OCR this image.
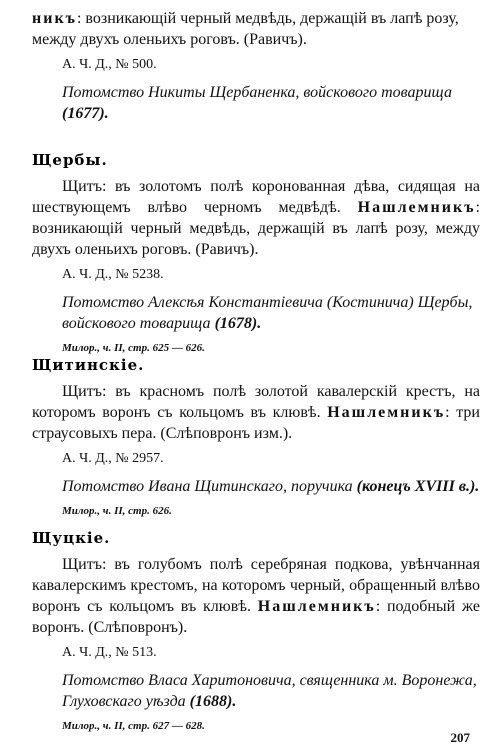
никъ: возникающій черный медвѣдь, держащій въ лапѣ розу,
между двухъ оленьихъ роговъ. (Равичъ).

А. Ч. Д., № 500.

Потомство Никиты Щербаненка, войскового товарища
(1677).

Щербы.

Щитъ: въ золотомъ полѣ коронованная дѣва, сидящая на шествующемъ влѣво черномъ медвѣдѣ. Нашлемникъ: возникающій черный медвѣдь, держащій въ лапѣ розу, между двухъ оленьихъ роговъ. (Равичъ).

А. Ч. Д., № 5238.

Потомство Алексѣя Константіевича (Костинича) Щербы, войскового товарища (1678).

Милор., ч. II, стр. 625 — 626.

Щитинскіе.

Щитъ: въ красномъ полѣ золотой кавалерскій крестъ, на которомъ воронъ съ кольцомъ въ клювѣ. Нашлемникъ: три страусовыхъ пера. (Слѣповронъ изм.).

А. Ч. Д., № 2957.

Потомство Ивана Щитинскаго, поручика (конецъ XVIII в.).

Милор., ч. II, стр. 626.

Щуцкіе.

Щитъ: въ голубомъ полѣ серебряная подкова, увѣнчанная кавалерскимъ крестомъ, на которомъ черный, обращенный влѣво воронъ съ кольцомъ въ клювѣ. Нашлемникъ: подобный же воронъ. (Слѣповронъ).

А. Ч. Д., № 513.

Потомство Власа Харитоновича, священника м. Воронежа, Глуховскаго уѣзда (1688).

Милор., ч. II, стр. 627 — 628.

207
